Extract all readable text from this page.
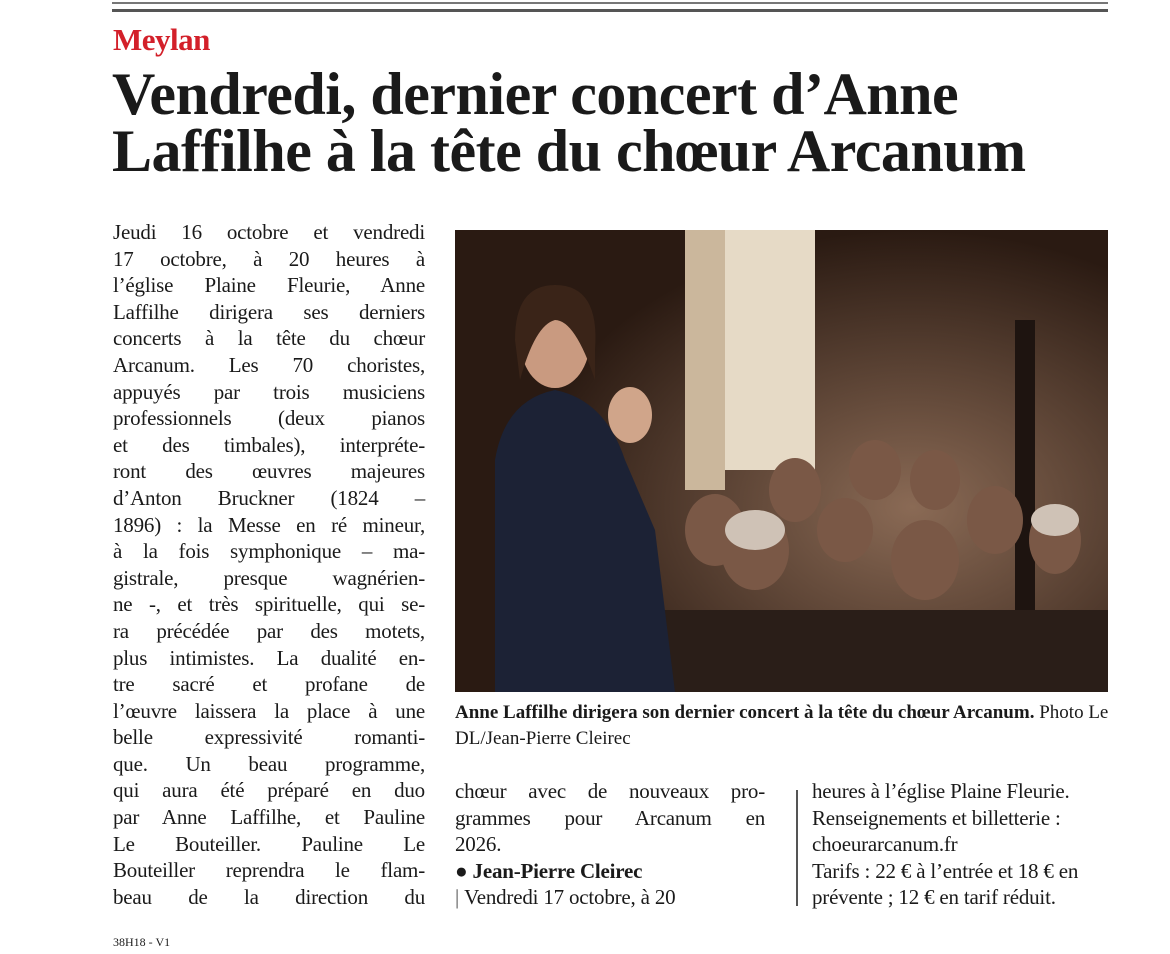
Meylan
Vendredi, dernier concert d’Anne
Laffilhe à la tête du chœur Arcanum
Jeudi 16 octobre et vendredi
17 octobre, à 20 heures à
l’église Plaine Fleurie, Anne
Laffilhe dirigera ses derniers
concerts à la tête du chœur
Arcanum. Les 70 choristes,
appuyés par trois musiciens
professionnels (deux pianos
et des timbales), interpréte-
ront des œuvres majeures
d’Anton Bruckner (1824 –
1896) : la Messe en ré mineur,
à la fois symphonique – ma-
gistrale, presque wagnérien-
ne -, et très spirituelle, qui se-
ra précédée par des motets,
plus intimistes. La dualité en-
tre sacré et profane de
l’œuvre laissera la place à une
belle expressivité romanti-
que. Un beau programme,
qui aura été préparé en duo
par Anne Laffilhe, et Pauline
Le Bouteiller. Pauline Le
Bouteiller reprendra le flam-
beau de la direction du
Anne Laffilhe dirigera son dernier concert à la tête du chœur Arcanum. Photo Le DL/Jean-Pierre Cleirec
chœur avec de nouveaux pro-
grammes pour Arcanum en
2026.
● Jean-Pierre Cleirec
| Vendredi 17 octobre, à 20
heures à l’église Plaine Fleurie.
Renseignements et billetterie :
choeurarcanum.fr
Tarifs : 22 € à l’entrée et 18 € en
prévente ; 12 € en tarif réduit.
38H18 - V1
